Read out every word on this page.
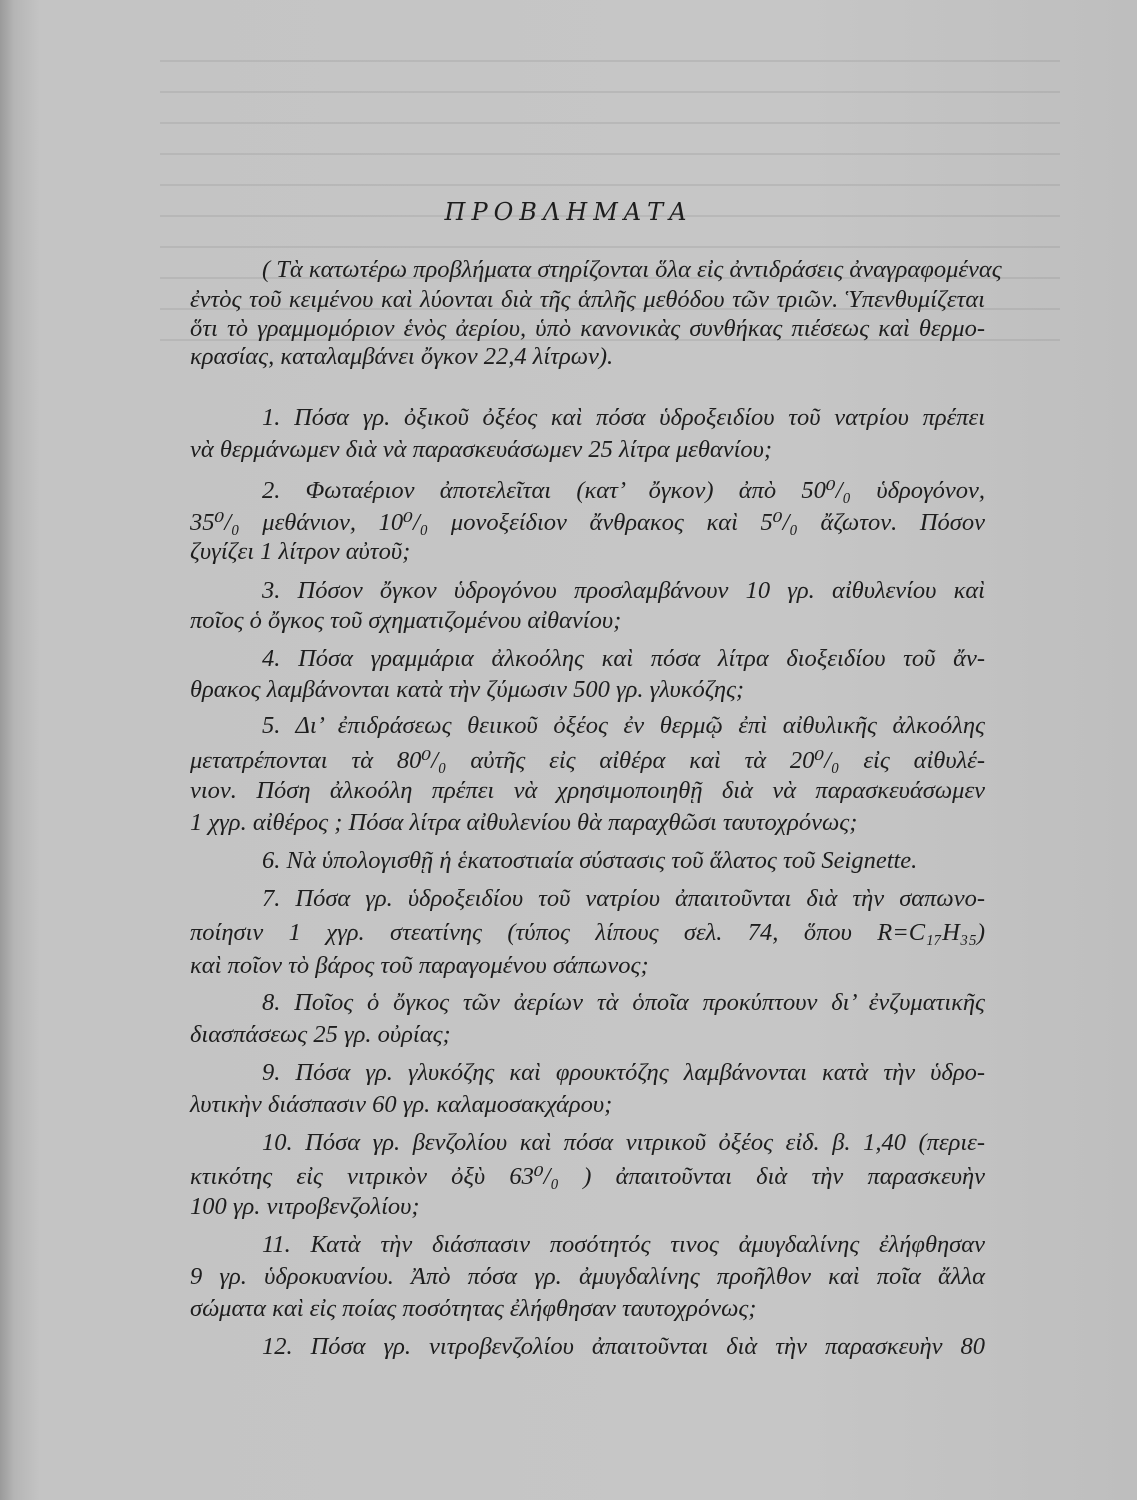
ΠΡΟΒΛΗΜΑΤΑ
( Τὰ κατωτέρω προβλήματα στηρίζονται ὅλα εἰς ἀντιδράσεις ἀναγραφομένας
ἐντὸς τοῦ κειμένου καὶ λύονται διὰ τῆς ἁπλῆς μεθόδου τῶν τριῶν. Ὑπενθυμίζεται
ὅτι τὸ γραμμομόριον ἑνὸς ἀερίου, ὑπὸ κανονικὰς συνθήκας πιέσεως καὶ θερμο-
κρασίας, καταλαμβάνει ὄγκον 22,4 λίτρων).
1. Πόσα γρ. ὀξικοῦ ὀξέος καὶ πόσα ὑδροξειδίου τοῦ νατρίου πρέπει
νὰ θερμάνωμεν διὰ νὰ παρασκευάσωμεν 25 λίτρα μεθανίου;
2. Φωταέριον ἀποτελεῖται (κατ’ ὄγκον) ἀπὸ 50⁰/₀ ὑδρογόνον,
35⁰/₀ μεθάνιον, 10⁰/₀ μονοξείδιον ἄνθρακος καὶ 5⁰/₀ ἄζωτον. Πόσον
ζυγίζει 1 λίτρον αὐτοῦ;
3. Πόσον ὄγκον ὑδρογόνου προσλαμβάνουν 10 γρ. αἰθυλενίου καὶ
ποῖος ὁ ὄγκος τοῦ σχηματιζομένου αἰθανίου;
4. Πόσα γραμμάρια ἀλκοόλης καὶ πόσα λίτρα διοξειδίου τοῦ ἄν-
θρακος λαμβάνονται κατὰ τὴν ζύμωσιν 500 γρ. γλυκόζης;
5. Δι’ ἐπιδράσεως θειικοῦ ὀξέος ἐν θερμῷ ἐπὶ αἰθυλικῆς ἀλκοόλης
μετατρέπονται τὰ 80⁰/₀ αὐτῆς εἰς αἰθέρα καὶ τὰ 20⁰/₀ εἰς αἰθυλέ-
νιον. Πόση ἀλκοόλη πρέπει νὰ χρησιμοποιηθῇ διὰ νὰ παρασκευάσωμεν
1 χγρ. αἰθέρος ; Πόσα λίτρα αἰθυλενίου θὰ παραχθῶσι ταυτοχρόνως;
6. Νὰ ὑπολογισθῇ ἡ ἑκατοστιαία σύστασις τοῦ ἅλατος τοῦ Seignette.
7. Πόσα γρ. ὑδροξειδίου τοῦ νατρίου ἀπαιτοῦνται διὰ τὴν σαπωνο-
ποίησιν 1 χγρ. στεατίνης (τύπος λίπους σελ. 74, ὅπου R=C₁₇H₃₅)
καὶ ποῖον τὸ βάρος τοῦ παραγομένου σάπωνος;
8. Ποῖος ὁ ὄγκος τῶν ἀερίων τὰ ὁποῖα προκύπτουν δι’ ἐνζυματικῆς
διασπάσεως 25 γρ. οὐρίας;
9. Πόσα γρ. γλυκόζης καὶ φρουκτόζης λαμβάνονται κατὰ τὴν ὑδρο-
λυτικὴν διάσπασιν 60 γρ. καλαμοσακχάρου;
10. Πόσα γρ. βενζολίου καὶ πόσα νιτρικοῦ ὀξέος εἰδ. β. 1,40 (περιε-
κτικότης εἰς νιτρικὸν ὀξὺ 63⁰/₀ ) ἀπαιτοῦνται διὰ τὴν παρασκευὴν
100 γρ. νιτροβενζολίου;
11. Κατὰ τὴν διάσπασιν ποσότητός τινος ἀμυγδαλίνης ἐλήφθησαν
9 γρ. ὑδροκυανίου. Ἀπὸ πόσα γρ. ἀμυγδαλίνης προῆλθον καὶ ποῖα ἄλλα
σώματα καὶ εἰς ποίας ποσότητας ἐλήφθησαν ταυτοχρόνως;
12. Πόσα γρ. νιτροβενζολίου ἀπαιτοῦνται διὰ τὴν παρασκευὴν 80
